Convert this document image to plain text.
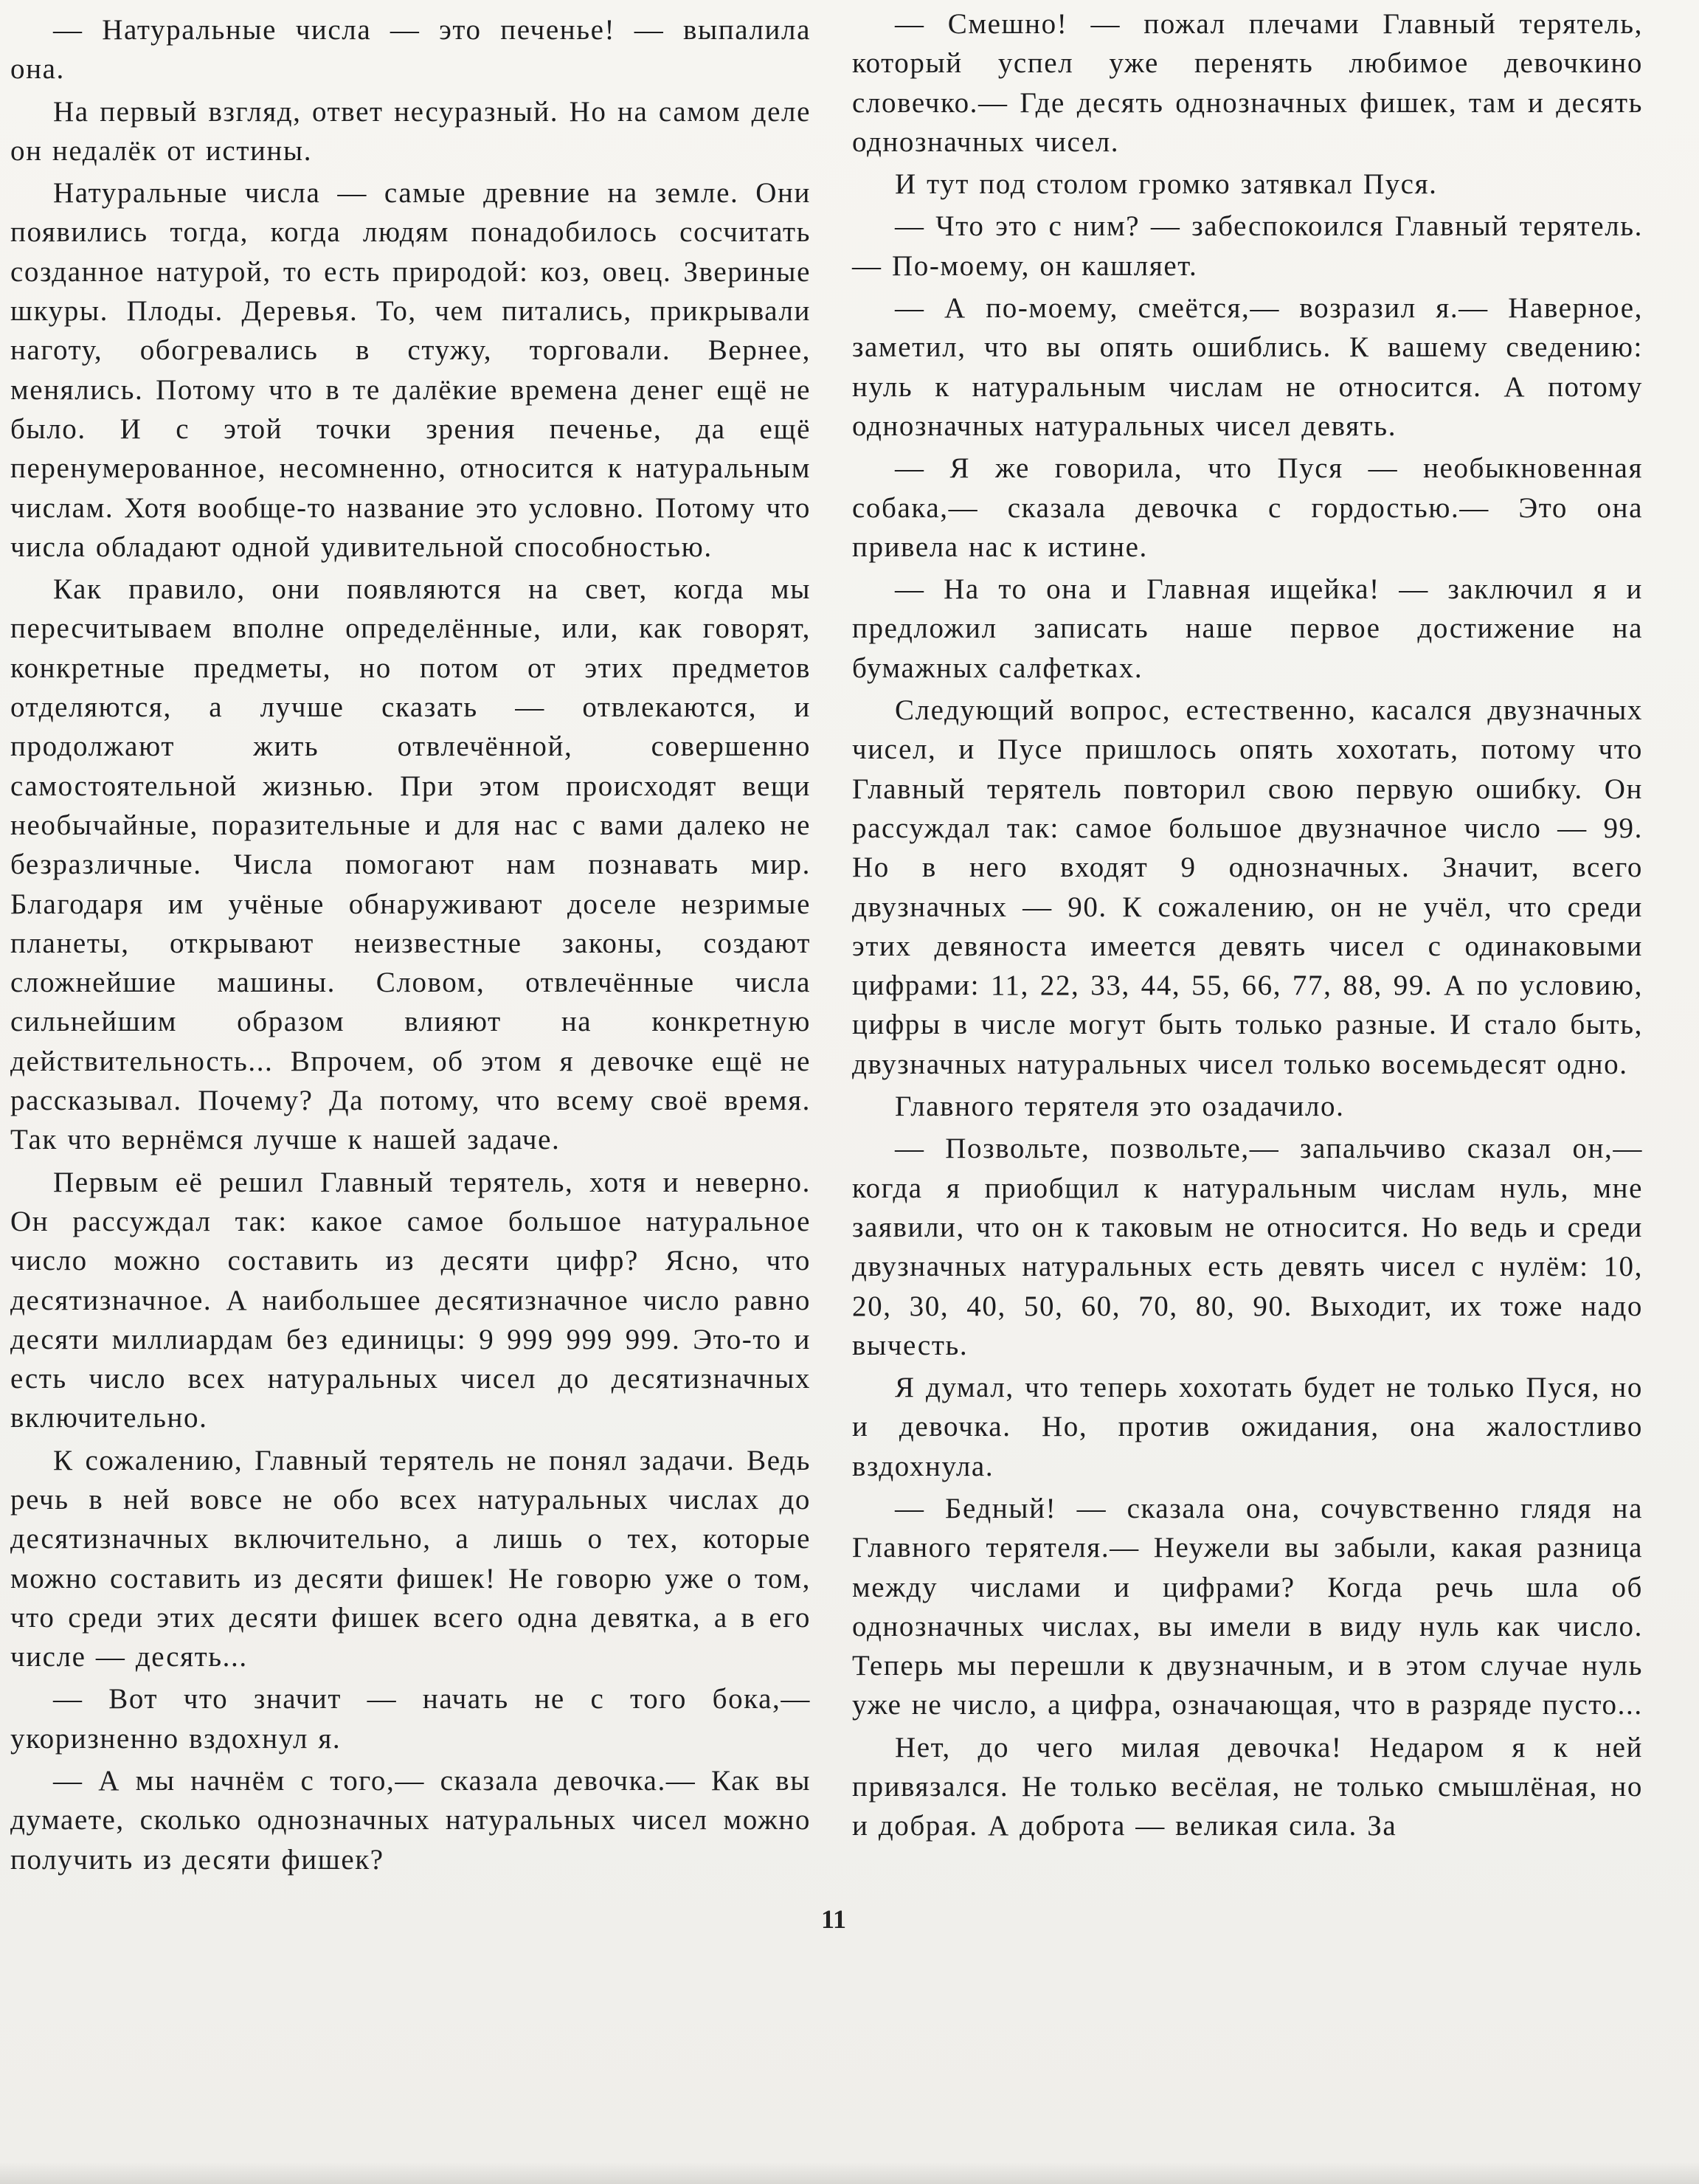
— Натуральные числа — это печенье! — выпалила она.

На первый взгляд, ответ несуразный. Но на самом деле он недалёк от истины.

Натуральные числа — самые древние на земле. Они появились тогда, когда людям понадобилось сосчитать созданное натурой, то есть природой: коз, овец. Звериные шкуры. Плоды. Деревья. То, чем питались, прикрывали наготу, обогревались в стужу, торговали. Вернее, менялись. Потому что в те далёкие времена денег ещё не было. И с этой точки зрения печенье, да ещё перенумерованное, несомненно, относится к натуральным числам. Хотя вообще-то название это условно. Потому что числа обладают одной удивительной способностью.

Как правило, они появляются на свет, когда мы пересчитываем вполне определённые, или, как говорят, конкретные предметы, но потом от этих предметов отделяются, а лучше сказать — отвлекаются, и продолжают жить отвлечённой, совершенно самостоятельной жизнью. При этом происходят вещи необычайные, поразительные и для нас с вами далеко не безразличные. Числа помогают нам познавать мир. Благодаря им учёные обнаруживают доселе незримые планеты, открывают неизвестные законы, создают сложнейшие машины. Словом, отвлечённые числа сильнейшим образом влияют на конкретную действительность... Впрочем, об этом я девочке ещё не рассказывал. Почему? Да потому, что всему своё время. Так что вернёмся лучше к нашей задаче.

Первым её решил Главный терятель, хотя и неверно. Он рассуждал так: какое самое большое натуральное число можно составить из десяти цифр? Ясно, что десятизначное. А наибольшее десятизначное число равно десяти миллиардам без единицы: 9 999 999 999. Это-то и есть число всех натуральных чисел до десятизначных включительно.

К сожалению, Главный терятель не понял задачи. Ведь речь в ней вовсе не обо всех натуральных числах до десятизначных включительно, а лишь о тех, которые можно составить из десяти фишек! Не говорю уже о том, что среди этих десяти фишек всего одна девятка, а в его числе — десять...

— Вот что значит — начать не с того бока,— укоризненно вздохнул я.

— А мы начнём с того,— сказала девочка.— Как вы думаете, сколько однозначных натуральных чисел можно получить из десяти фишек?

— Смешно! — пожал плечами Главный терятель, который успел уже перенять любимое девочкино словечко.— Где десять однозначных фишек, там и десять однозначных чисел.

И тут под столом громко затявкал Пуся.

— Что это с ним? — забеспокоился Главный терятель.— По-моему, он кашляет.

— А по-моему, смеётся,— возразил я.— Наверное, заметил, что вы опять ошиблись. К вашему сведению: нуль к натуральным числам не относится. А потому однозначных натуральных чисел девять.

— Я же говорила, что Пуся — необыкновенная собака,— сказала девочка с гордостью.— Это она привела нас к истине.

— На то она и Главная ищейка! — заключил я и предложил записать наше первое достижение на бумажных салфетках.

Следующий вопрос, естественно, касался двузначных чисел, и Пусе пришлось опять хохотать, потому что Главный терятель повторил свою первую ошибку. Он рассуждал так: самое большое двузначное число — 99. Но в него входят 9 однозначных. Значит, всего двузначных — 90. К сожалению, он не учёл, что среди этих девяноста имеется девять чисел с одинаковыми цифрами: 11, 22, 33, 44, 55, 66, 77, 88, 99. А по условию, цифры в числе могут быть только разные. И стало быть, двузначных натуральных чисел только восемьдесят одно.

Главного терятеля это озадачило.

— Позвольте, позвольте,— запальчиво сказал он,— когда я приобщил к натуральным числам нуль, мне заявили, что он к таковым не относится. Но ведь и среди двузначных натуральных есть девять чисел с нулём: 10, 20, 30, 40, 50, 60, 70, 80, 90. Выходит, их тоже надо вычесть.

Я думал, что теперь хохотать будет не только Пуся, но и девочка. Но, против ожидания, она жалостливо вздохнула.

— Бедный! — сказала она, сочувственно глядя на Главного терятеля.— Неужели вы забыли, какая разница между числами и цифрами? Когда речь шла об однозначных числах, вы имели в виду нуль как число. Теперь мы перешли к двузначным, и в этом случае нуль уже не число, а цифра, означающая, что в разряде пусто...

Нет, до чего милая девочка! Недаром я к ней привязался. Не только весёлая, не только смышлёная, но и добрая. А доброта — великая сила. За

11
